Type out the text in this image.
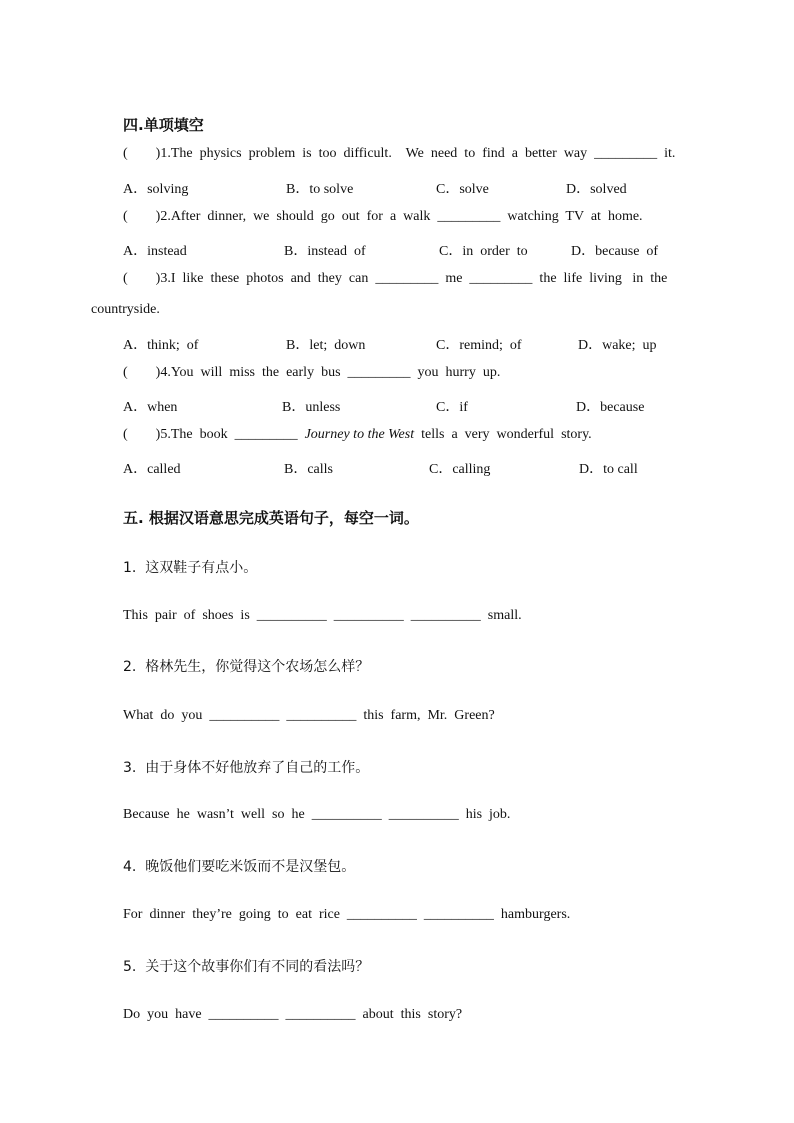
四.单项填空
(        )1.The  physics  problem  is  too  difficult.    We  need  to  find  a  better  way  _________  it.
A．solving	B．to solve	C．solve	D．solved
(        )2.After  dinner,  we  should  go  out  for  a  walk  _________  watching  TV  at  home.
A．instead	B．instead  of	C．in  order  to	D．because  of
(        )3.I  like  these  photos  and  they  can  _________  me  _________  the  life  living   in  the
countryside.
A．think;  of	B．let;  down	C．remind;  of	D．wake;  up
(        )4.You  will  miss  the  early  bus  _________  you  hurry  up.
A．when	B．unless	C．if	D．because
(        )5.The  book  _________  Journey to the West  tells  a  very  wonderful  story.
A．called	B．calls	C．calling	D．to call
五. 根据汉语意思完成英语句子，每空一词。
1.  这双鞋子有点小。
This  pair  of  shoes  is  __________  __________  __________  small.
2.  格林先生，你觉得这个农场怎么样？
What  do  you  __________  __________  this  farm,  Mr.  Green?
3.  由于身体不好他放弃了自己的工作。
Because  he  wasn’t  well  so  he  __________  __________  his  job.
4.  晚饭他们要吃米饭而不是汉堡包。
For  dinner  they’re  going  to  eat  rice  __________  __________  hamburgers.
5.  关于这个故事你们有不同的看法吗？
Do  you  have  __________  __________  about  this  story?
